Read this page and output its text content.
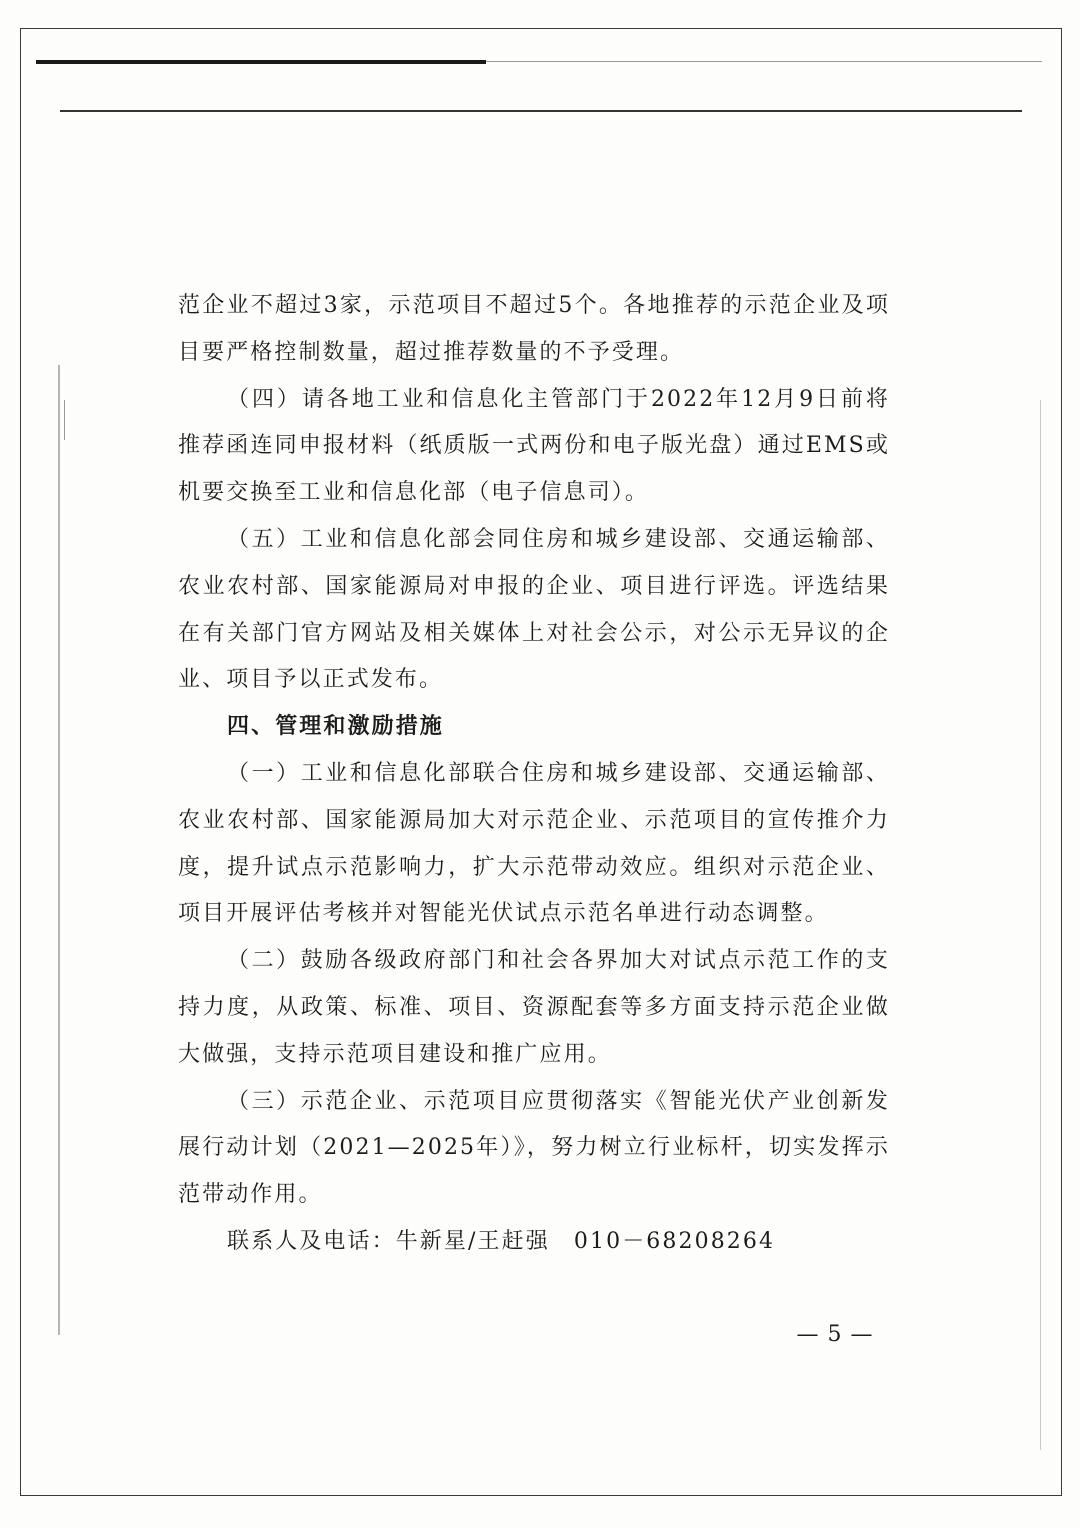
范企业不超过3家，示范项目不超过5个。各地推荐的示范企业及项目要严格控制数量，超过推荐数量的不予受理。

（四）请各地工业和信息化主管部门于2022年12月9日前将推荐函连同申报材料（纸质版一式两份和电子版光盘）通过EMS或机要交换至工业和信息化部（电子信息司）。

（五）工业和信息化部会同住房和城乡建设部、交通运输部、农业农村部、国家能源局对申报的企业、项目进行评选。评选结果在有关部门官方网站及相关媒体上对社会公示，对公示无异议的企业、项目予以正式发布。

四、管理和激励措施

（一）工业和信息化部联合住房和城乡建设部、交通运输部、农业农村部、国家能源局加大对示范企业、示范项目的宣传推介力度，提升试点示范影响力，扩大示范带动效应。组织对示范企业、项目开展评估考核并对智能光伏试点示范名单进行动态调整。

（二）鼓励各级政府部门和社会各界加大对试点示范工作的支持力度，从政策、标准、项目、资源配套等多方面支持示范企业做大做强，支持示范项目建设和推广应用。

（三）示范企业、示范项目应贯彻落实《智能光伏产业创新发展行动计划（2021—2025年）》，努力树立行业标杆，切实发挥示范带动作用。

联系人及电话：牛新星/王赶强　010－68208264

— 5 —
